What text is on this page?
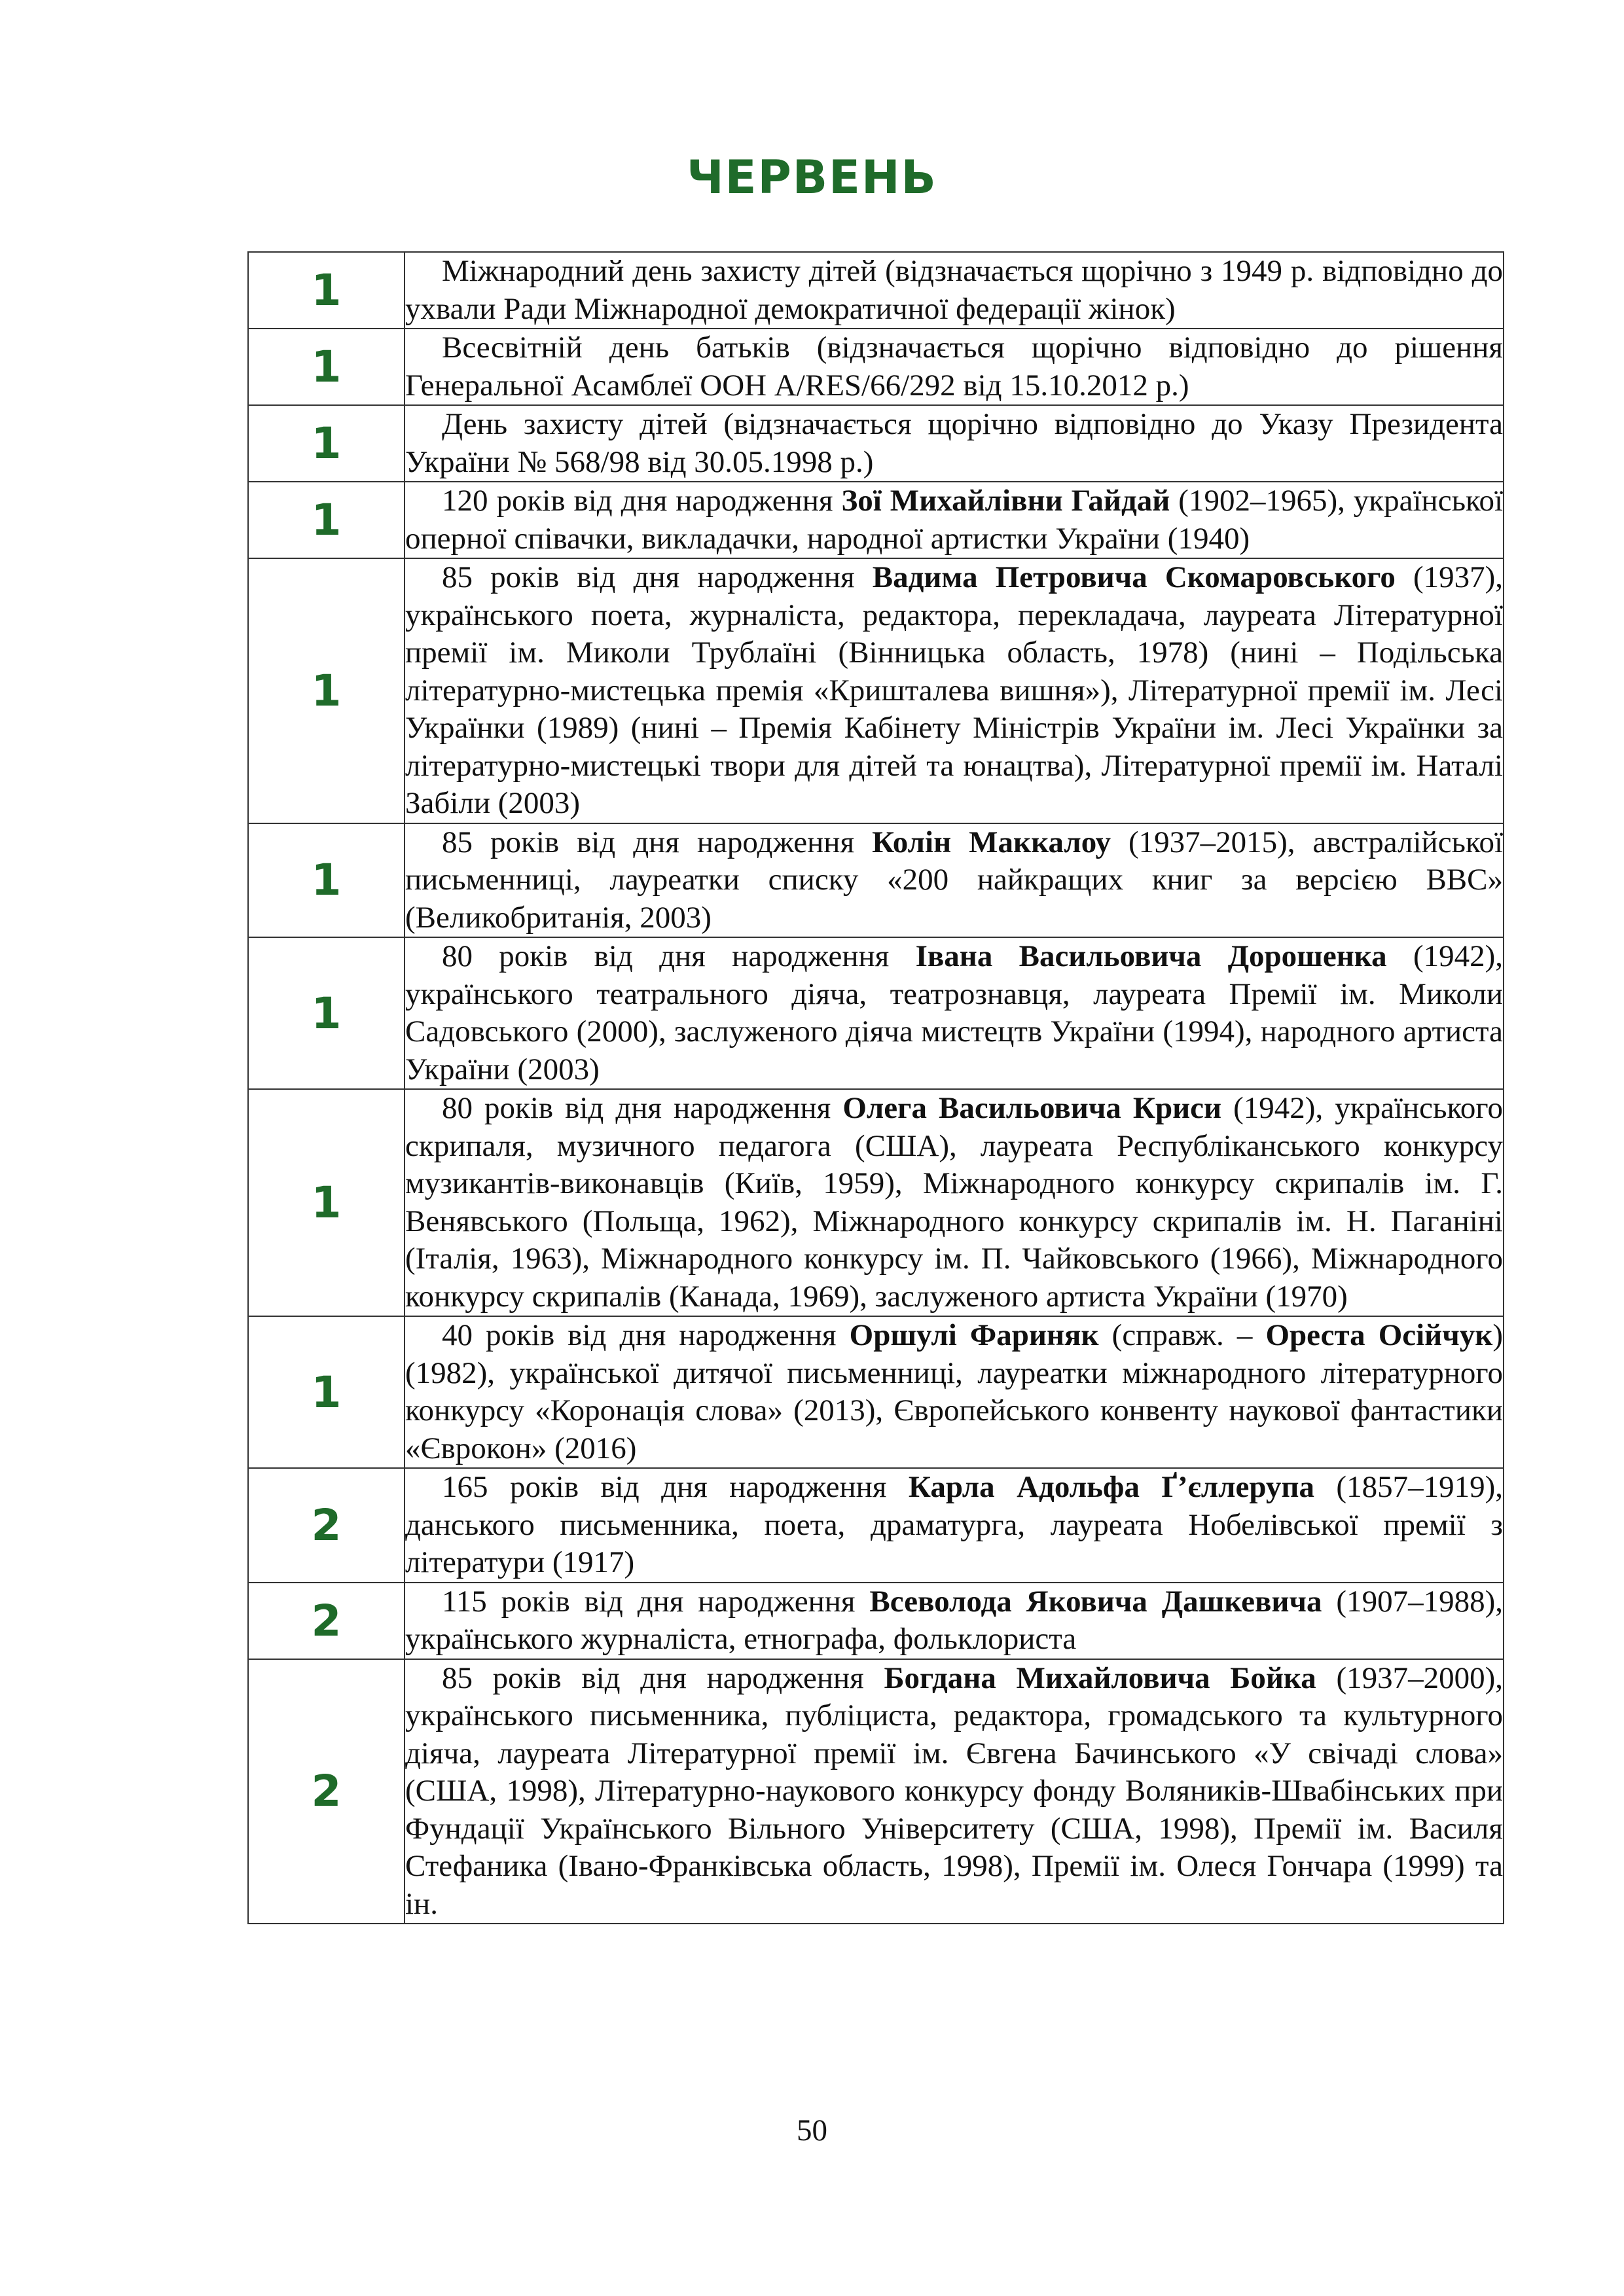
ЧЕРВЕНЬ
1	Міжнародний день захисту дітей (відзначається щорічно з 1949 р. відповідно до ухвали Ради Міжнародної демократичної федерації жінок)

1	Всесвітній день батьків (відзначається щорічно відповідно до рішення Генеральної Асамблеї ООН A/RES/66/292 від 15.10.2012 р.)

1	День захисту дітей (відзначається щорічно відповідно до Указу Президента України № 568/98 від 30.05.1998 р.)

1	120 років від дня народження Зої Михайлівни Гайдай (1902–1965), української оперної співачки, викладачки, народної артистки України (1940)

1	85 років від дня народження Вадима Петровича Скомаровського (1937), українського поета, журналіста, редактора, перекладача, лауреата Літературної премії ім. Миколи Трублаїні (Вінницька область, 1978) (нині – Подільська літературно-мистецька премія «Кришталева вишня»), Літературної премії ім. Лесі Українки (1989) (нині – Премія Кабінету Міністрів України ім. Лесі Українки за літературно-мистецькі твори для дітей та юнацтва), Літературної премії ім. Наталі Забіли (2003)

1	85 років від дня народження Колін Маккалоу (1937–2015), австралійської письменниці, лауреатки списку «200 найкращих книг за версією BBC» (Великобританія, 2003)

1	80 років від дня народження Івана Васильовича Дорошенка (1942), українського театрального діяча, театрознавця, лауреата Премії ім. Миколи Садовського (2000), заслуженого діяча мистецтв України (1994), народного артиста України (2003)

1	80 років від дня народження Олега Васильовича Криси (1942), українського скрипаля, музичного педагога (США), лауреата Республіканського конкурсу музикантів-виконавців (Київ, 1959), Міжнародного конкурсу скрипалів ім. Г. Венявського (Польща, 1962), Міжнародного конкурсу скрипалів ім. Н. Паганіні (Італія, 1963), Міжнародного конкурсу ім. П. Чайковського (1966), Міжнародного конкурсу скрипалів (Канада, 1969), заслуженого артиста України (1970)

1	40 років від дня народження Оршулі Фариняк (справж. – Ореста Осійчук) (1982), української дитячої письменниці, лауреатки міжнародного літературного конкурсу «Коронація слова» (2013), Європейського конвенту наукової фантастики «Єврокон» (2016)

2	165 років від дня народження Карла Адольфа Ґ’єллерупа (1857–1919), данського письменника, поета, драматурга, лауреата Нобелівської премії з літератури (1917)

2	115 років від дня народження Всеволода Яковича Дашкевича (1907–1988), українського журналіста, етнографа, фольклориста

2	85 років від дня народження Богдана Михайловича Бойка (1937–2000), українського письменника, публіциста, редактора, громадського та культурного діяча, лауреата Літературної премії ім. Євгена Бачинського «У свічаді слова» (США, 1998), Літературно-наукового конкурсу фонду Воляників-Швабінських при Фундації Українського Вільного Університету (США, 1998), Премії ім. Василя Стефаника (Івано-Франківська область, 1998), Премії ім. Олеся Гончара (1999) та ін.
50
